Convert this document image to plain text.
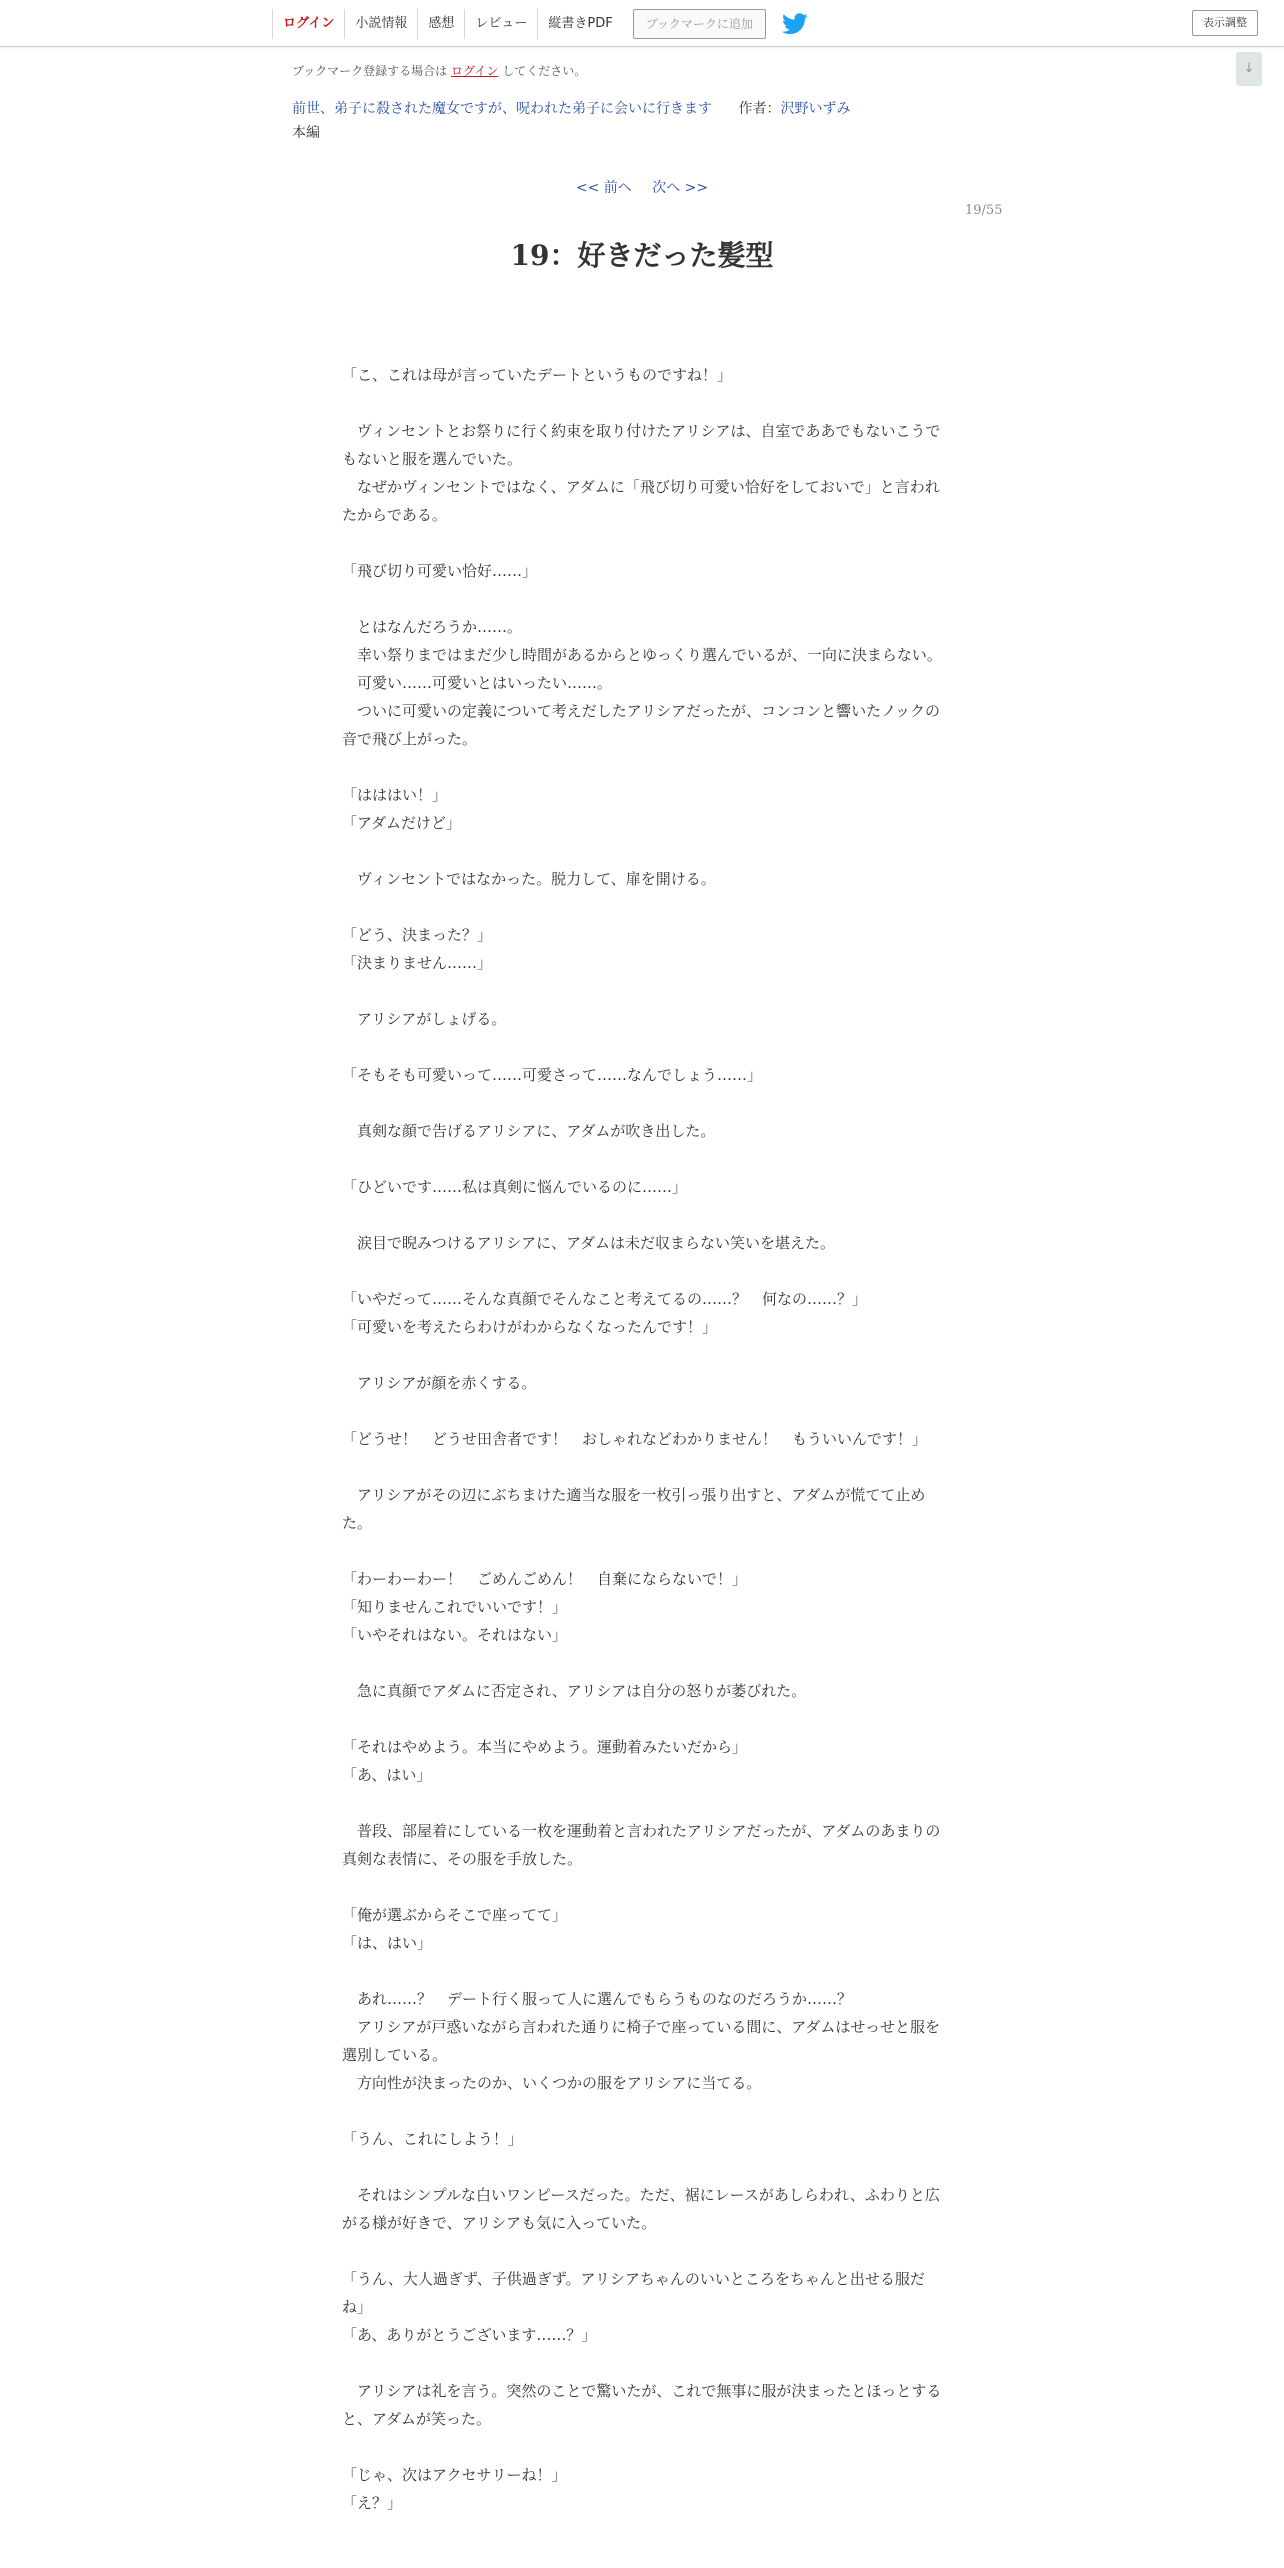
ログイン	小説情報	感想	レビュー	縦書きPDF	ブックマークに追加	表示調整
↓
ブックマーク登録する場合は ログイン してください。
前世、弟子に殺された魔女ですが、呪われた弟子に会いに行きます 作者：沢野いずみ
本編
<< 前へ 次へ >>
19/55
19：好きだった髪型

「こ、これは母が言っていたデートというものですね！」

　ヴィンセントとお祭りに行く約束を取り付けたアリシアは、自室でああでもないこうでもないと服を選んでいた。

　なぜかヴィンセントではなく、アダムに「飛び切り可愛い恰好をしておいで」と言われたからである。

「飛び切り可愛い恰好……」

　とはなんだろうか……。

　幸い祭りまではまだ少し時間があるからとゆっくり選んでいるが、一向に決まらない。

　可愛い……可愛いとはいったい……。

　ついに可愛いの定義について考えだしたアリシアだったが、コンコンと響いたノックの音で飛び上がった。

「はははい！」

「アダムだけど」

　ヴィンセントではなかった。脱力して、扉を開ける。

「どう、決まった？」

「決まりません……」

　アリシアがしょげる。

「そもそも可愛いって……可愛さって……なんでしょう……」

　真剣な顔で告げるアリシアに、アダムが吹き出した。

「ひどいです……私は真剣に悩んでいるのに……」

　涙目で睨みつけるアリシアに、アダムは未だ収まらない笑いを堪えた。

「いやだって……そんな真顔でそんなこと考えてるの……？　何なの……？」

「可愛いを考えたらわけがわからなくなったんです！」

　アリシアが顔を赤くする。

「どうせ！　どうせ田舎者です！　おしゃれなどわかりません！　もういいんです！」

　アリシアがその辺にぶちまけた適当な服を一枚引っ張り出すと、アダムが慌てて止めた。

「わーわーわー！　ごめんごめん！　自棄にならないで！」

「知りませんこれでいいです！」

「いやそれはない。それはない」

　急に真顔でアダムに否定され、アリシアは自分の怒りが萎びれた。

「それはやめよう。本当にやめよう。運動着みたいだから」

「あ、はい」

　普段、部屋着にしている一枚を運動着と言われたアリシアだったが、アダムのあまりの真剣な表情に、その服を手放した。

「俺が選ぶからそこで座ってて」

「は、はい」

　あれ……？　デート行く服って人に選んでもらうものなのだろうか……？

　アリシアが戸惑いながら言われた通りに椅子で座っている間に、アダムはせっせと服を選別している。

　方向性が決まったのか、いくつかの服をアリシアに当てる。

「うん、これにしよう！」

　それはシンプルな白いワンピースだった。ただ、裾にレースがあしらわれ、ふわりと広がる様が好きで、アリシアも気に入っていた。

「うん、大人過ぎず、子供過ぎず。アリシアちゃんのいいところをちゃんと出せる服だね」

「あ、ありがとうございます……？」

　アリシアは礼を言う。突然のことで驚いたが、これで無事に服が決まったとほっとすると、アダムが笑った。

「じゃ、次はアクセサリーね！」

「え？」
